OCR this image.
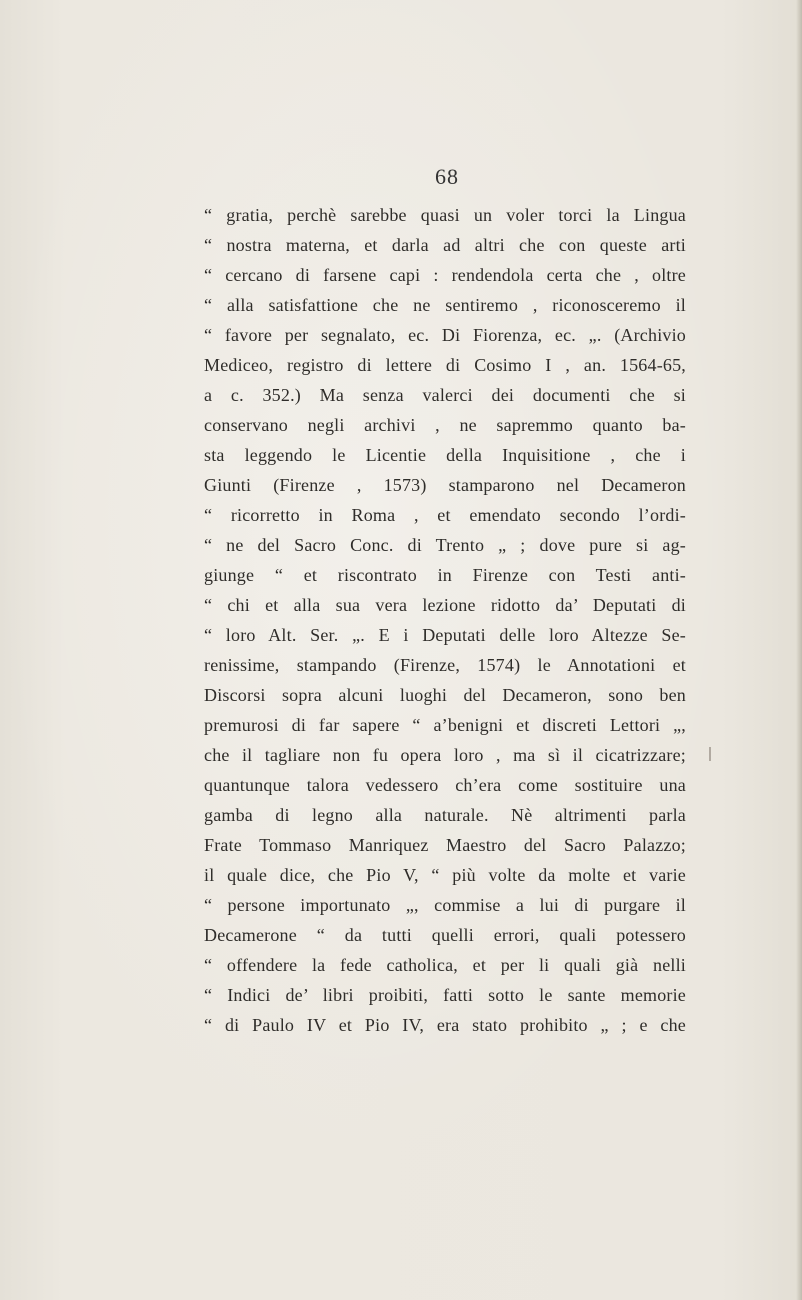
68
“ gratia, perchè sarebbe quasi un voler torci la Lingua
“ nostra materna, et darla ad altri che con queste arti
“ cercano di farsene capi : rendendola certa che , oltre
“ alla satisfattione che ne sentiremo , riconosceremo il
“ favore per segnalato, ec. Di Fiorenza, ec. „. (Archivio
Medicеo, registro di lettere di Cosimo I , an. 1564-65,
a c. 352.) Ma senza valerci dei documenti che si
conservano negli archivi , ne sapremmo quanto ba-
sta leggendo le Licentie della Inquisitione , che i
Giunti (Firenze , 1573) stamparono nel Decameron
“ ricorretto in Roma , et emendato secondo l’ordi-
“ ne del Sacro Conc. di Trento „ ; dove pure si ag-
giunge “ et riscontrato in Firenze con Testi anti-
“ chi et alla sua vera lezione ridotto da’ Deputati di
“ loro Alt. Ser. „. E i Deputati delle loro Altezze Se-
renissime, stampando (Firenze, 1574) le Annotationi et
Discorsi sopra alcuni luoghi del Decameron, sono ben
premurosi di far sapere “ a’benigni et discreti Lettori „,
che il tagliare non fu opera loro , ma sì il cicatrizzare;
quantunque talora vedessero ch’era come sostituire una
gamba di legno alla naturale. Nè altrimenti parla
Frate Tommaso Manriquez Maestro del Sacro Palazzo;
il quale dice, che Pio V, “ più volte da molte et varie
“ persone importunato „, commise a lui di purgare il
Decamerone “ da tutti quelli errori, quali potessero
“ offendere la fede catholica, et per li quali già nelli
“ Indici de’ libri proibiti, fatti sotto le sante memorie
“ di Paulo IV et Pio IV, era stato prohibito „ ; e che
